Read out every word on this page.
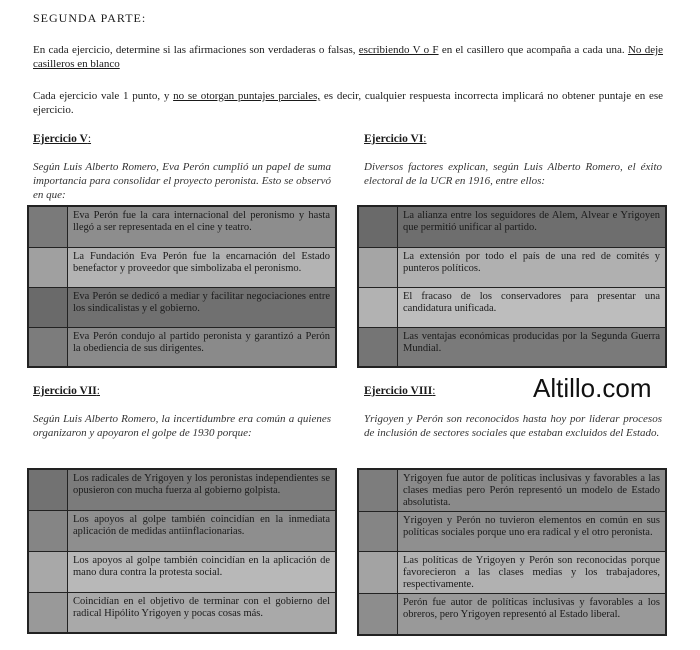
SEGUNDA PARTE:
En cada ejercicio, determine si las afirmaciones son verdaderas o falsas, escribiendo V o F en el casillero que acompaña a cada una. No deje casilleros en blanco
Cada ejercicio vale 1 punto, y no se otorgan puntajes parciales, es decir, cualquier respuesta incorrecta implicará no obtener puntaje en ese ejercicio.
Altillo.com
Ejercicio V:
Según Luis Alberto Romero, Eva Perón cumplió un papel de suma importancia para consolidar el proyecto peronista. Esto se observó en que:
	Eva Perón fue la cara internacional del peronismo y hasta llegó a ser representada en el cine y teatro.
	La Fundación Eva Perón fue la encarnación del Estado benefactor y proveedor que simbolizaba el peronismo.
	Eva Perón se dedicó a mediar y facilitar negociaciones entre los sindicalistas y el gobierno.
	Eva Perón condujo al partido peronista y garantizó a Perón la obediencia de sus dirigentes.
Ejercicio VI:
Diversos factores explican, según Luis Alberto Romero, el éxito electoral de la UCR en 1916, entre ellos:
	La alianza entre los seguidores de Alem, Alvear e Yrigoyen que permitió unificar al partido.
	La extensión por todo el país de una red de comités y punteros políticos.
	El fracaso de los conservadores para presentar una candidatura unificada.
	Las ventajas económicas producidas por la Segunda Guerra Mundial.
Ejercicio VII:
Según Luis Alberto Romero, la incertidumbre era común a quienes organizaron y apoyaron el golpe de 1930 porque:
	Los radicales de Yrigoyen y los peronistas independientes se opusieron con mucha fuerza al gobierno golpista.
	Los apoyos al golpe también coincidían en la inmediata aplicación de medidas antiinflacionarias.
	Los apoyos al golpe también coincidían en la aplicación de mano dura contra la protesta social.
	Coincidían en el objetivo de terminar con el gobierno del radical Hipólito Yrigoyen y pocas cosas más.
Ejercicio VIII:
Yrigoyen y Perón son reconocidos hasta hoy por liderar procesos de inclusión de sectores sociales que estaban excluidos del Estado.
	Yrigoyen fue autor de políticas inclusivas y favorables a las clases medias pero Perón representó un modelo de Estado absolutista.
	Yrigoyen y Perón no tuvieron elementos en común en sus políticas sociales porque uno era radical y el otro peronista.
	Las políticas de Yrigoyen y Perón son reconocidas porque favorecieron a las clases medias y los trabajadores, respectivamente.
	Perón fue autor de políticas inclusivas y favorables a los obreros, pero Yrigoyen representó al Estado liberal.
